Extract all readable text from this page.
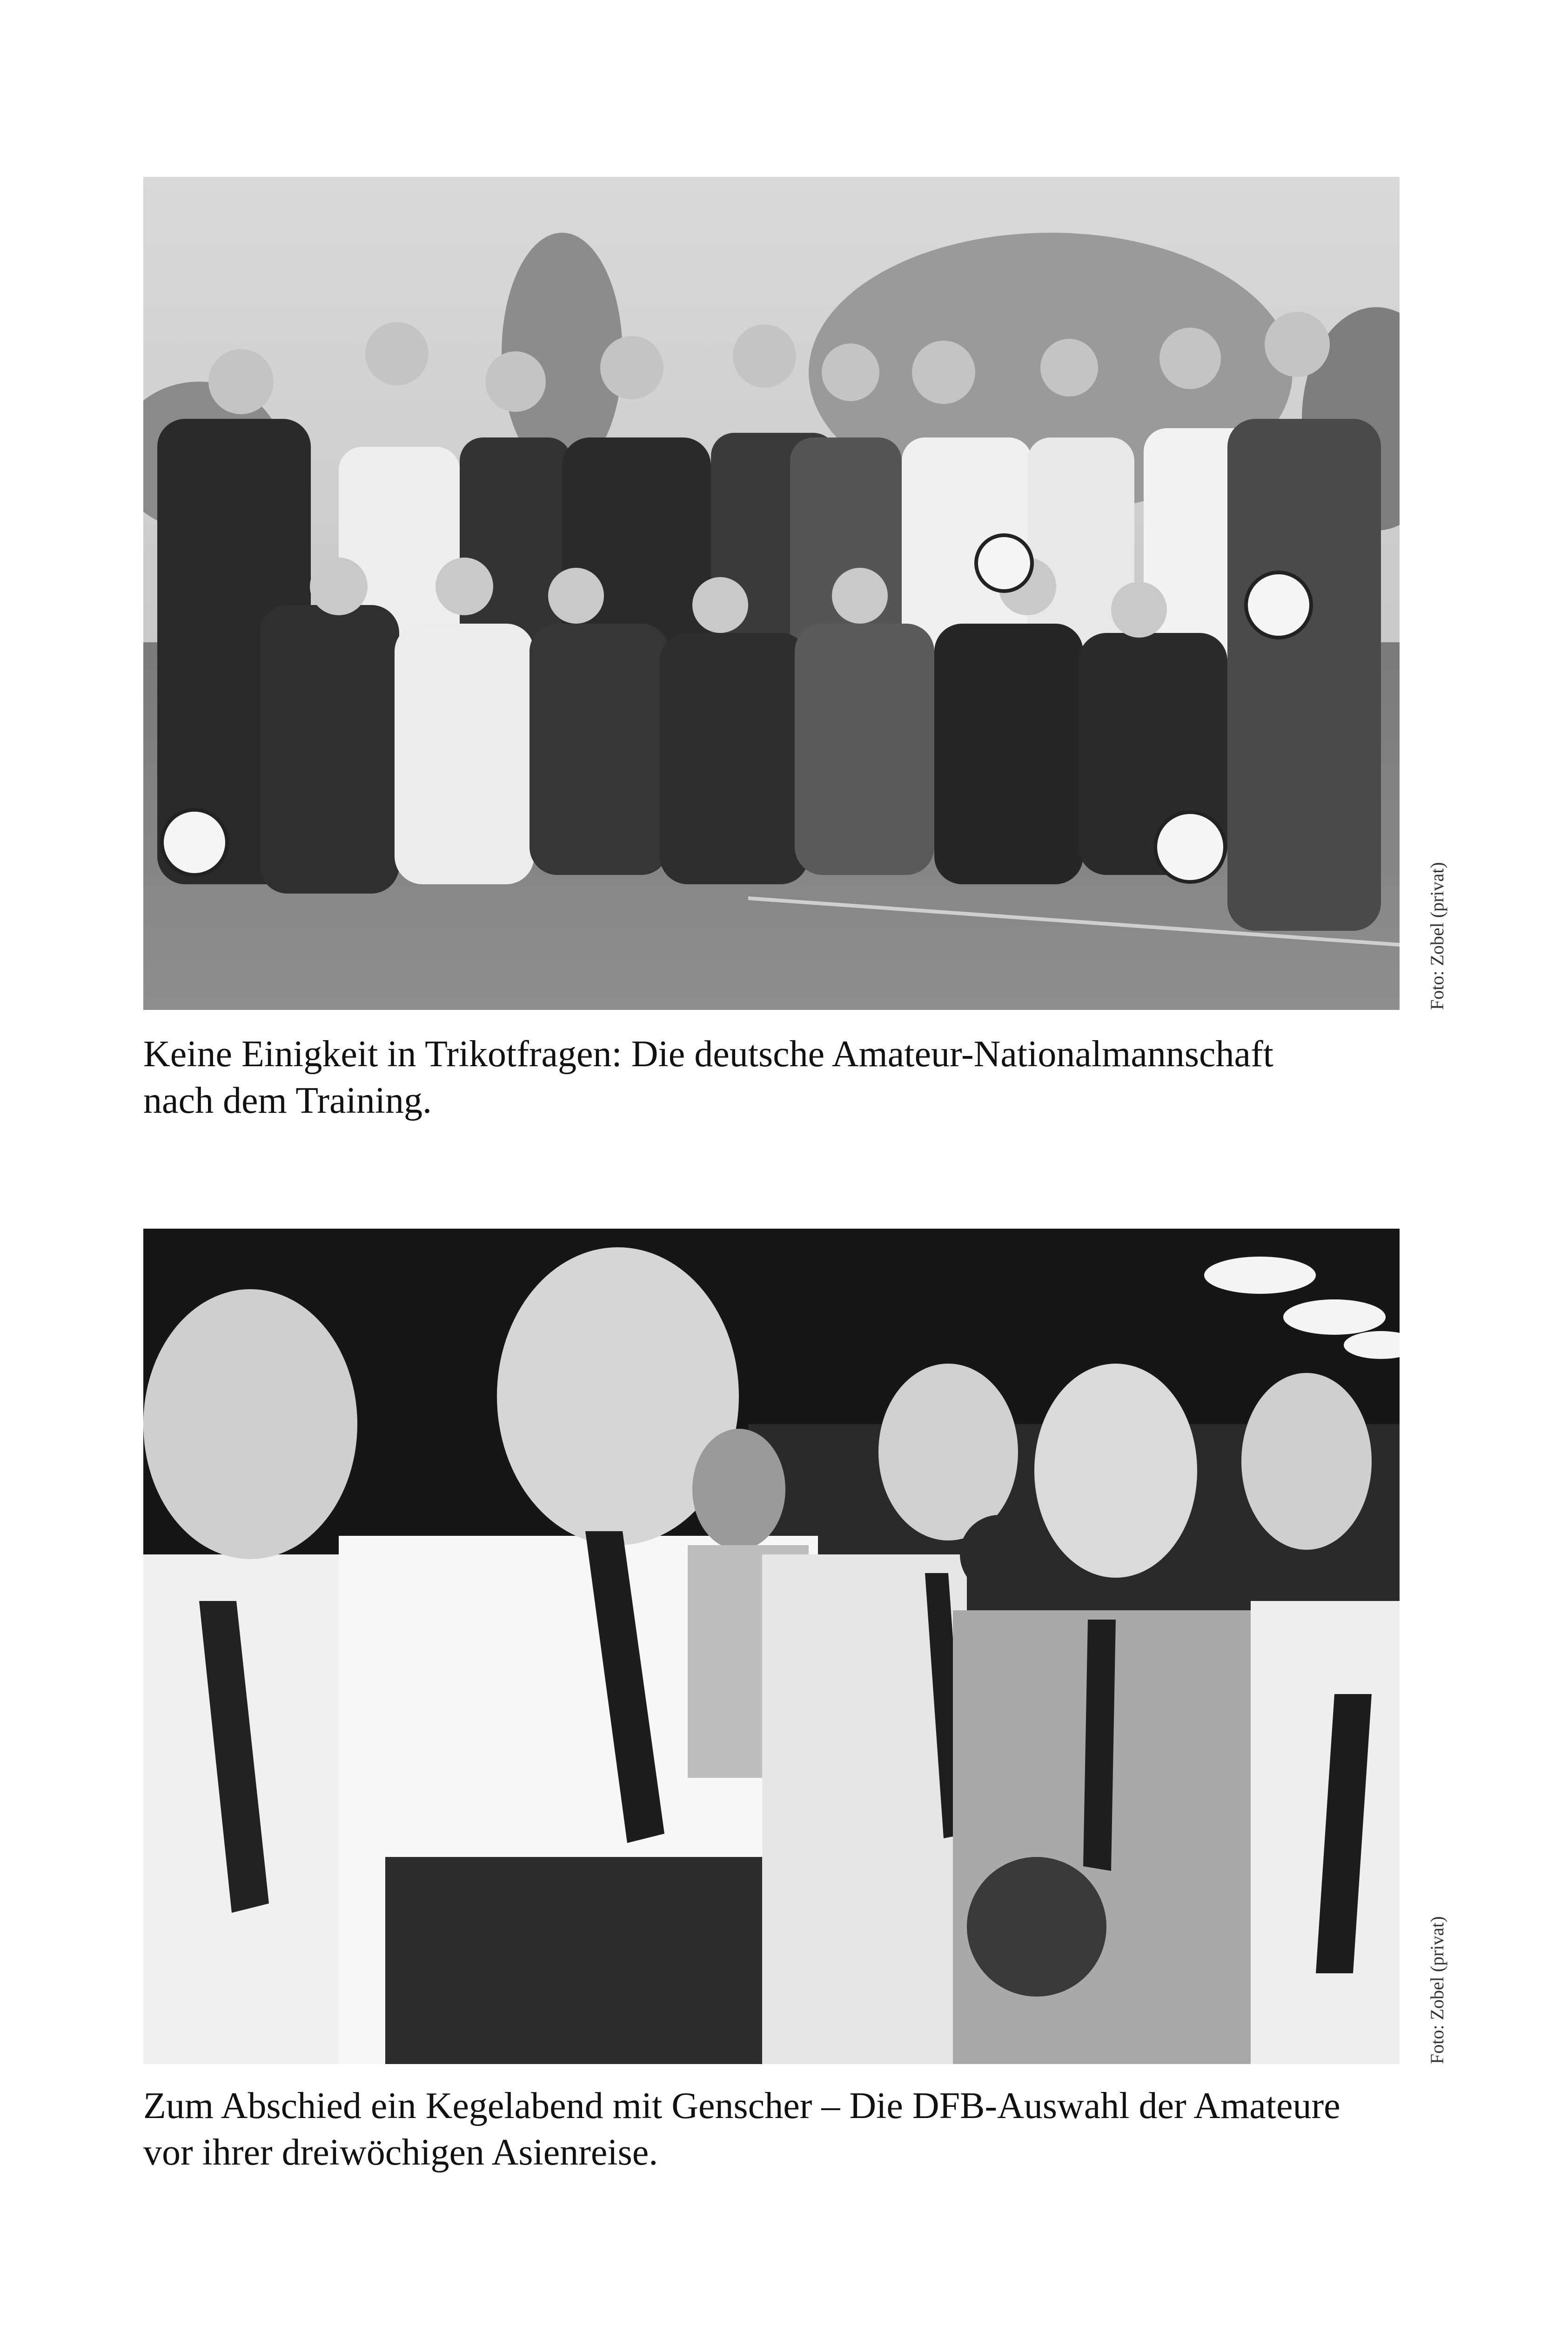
Foto: Zobel (privat)
Keine Einigkeit in Trikotfragen: Die deutsche Amateur-Nationalmannschaft
nach dem Training.
Foto: Zobel (privat)
Zum Abschied ein Kegelabend mit Genscher – Die DFB-Auswahl der Amateure
vor ihrer dreiwöchigen Asienreise.
